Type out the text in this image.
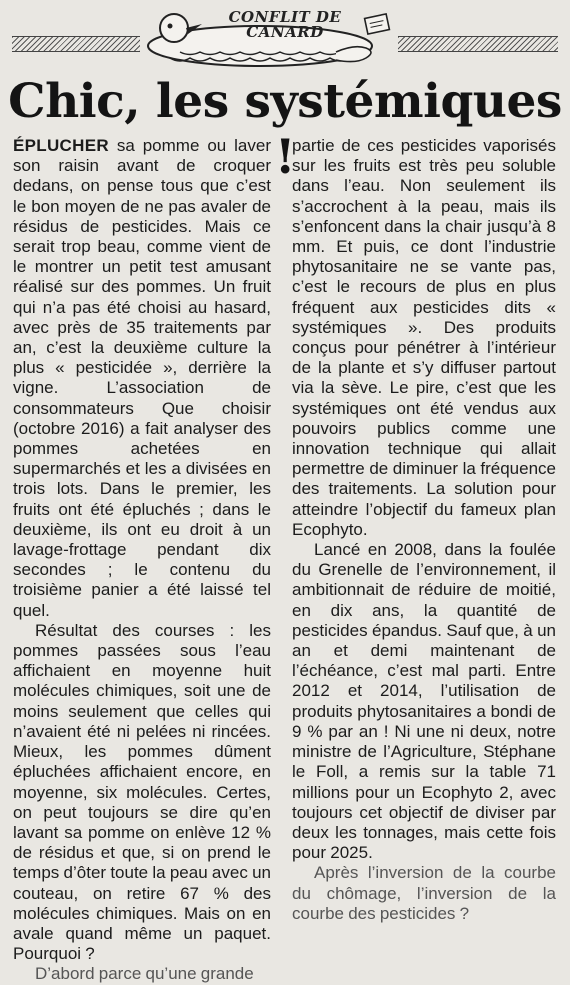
CONFLIT DE
CANARD
Chic, les systémiques !

ÉPLUCHER sa pomme ou laver son raisin avant de croquer dedans, on pense tous que c’est le bon moyen de ne pas avaler de résidus de pesticides. Mais ce serait trop beau, comme vient de le montrer un petit test amusant réalisé sur des pommes. Un fruit qui n’a pas été choisi au hasard, avec près de 35 traitements par an, c’est la deuxième culture la plus « pesticidée », derrière la vigne. L’association de consommateurs Que choisir (octobre 2016) a fait analyser des pommes achetées en supermarchés et les a divisées en trois lots. Dans le premier, les fruits ont été épluchés ; dans le deuxième, ils ont eu droit à un lavage-frottage pendant dix secondes ; le contenu du troisième panier a été laissé tel quel.

Résultat des courses : les pommes passées sous l’eau affichaient en moyenne huit molécules chimiques, soit une de moins seulement que celles qui n’avaient été ni pelées ni rincées. Mieux, les pommes dûment épluchées affichaient encore, en moyenne, six molécules. Certes, on peut toujours se dire qu’en lavant sa pomme on enlève 12 % de résidus et que, si on prend le temps d’ôter toute la peau avec un couteau, on retire 67 % des molécules chimiques. Mais on en avale quand même un paquet. Pourquoi ?

D’abord parce qu’une grande

partie de ces pesticides vaporisés sur les fruits est très peu soluble dans l’eau. Non seulement ils s’accrochent à la peau, mais ils s’enfoncent dans la chair jusqu’à 8 mm. Et puis, ce dont l’industrie phytosanitaire ne se vante pas, c’est le recours de plus en plus fréquent aux pesticides dits « systémiques ». Des produits conçus pour pénétrer à l’intérieur de la plante et s’y diffuser partout via la sève. Le pire, c’est que les systémiques ont été vendus aux pouvoirs publics comme une innovation technique qui allait permettre de diminuer la fréquence des traitements. La solution pour atteindre l’objectif du fameux plan Ecophyto.

Lancé en 2008, dans la foulée du Grenelle de l’environnement, il ambitionnait de réduire de moitié, en dix ans, la quantité de pesticides épandus. Sauf que, à un an et demi maintenant de l’échéance, c’est mal parti. Entre 2012 et 2014, l’utilisation de produits phytosanitaires a bondi de 9 % par an ! Ni une ni deux, notre ministre de l’Agriculture, Stéphane le Foll, a remis sur la table 71 millions pour un Ecophyto 2, avec toujours cet objectif de diviser par deux les tonnages, mais cette fois pour 2025.

Après l’inversion de la courbe du chômage, l’inversion de la courbe des pesticides ?
